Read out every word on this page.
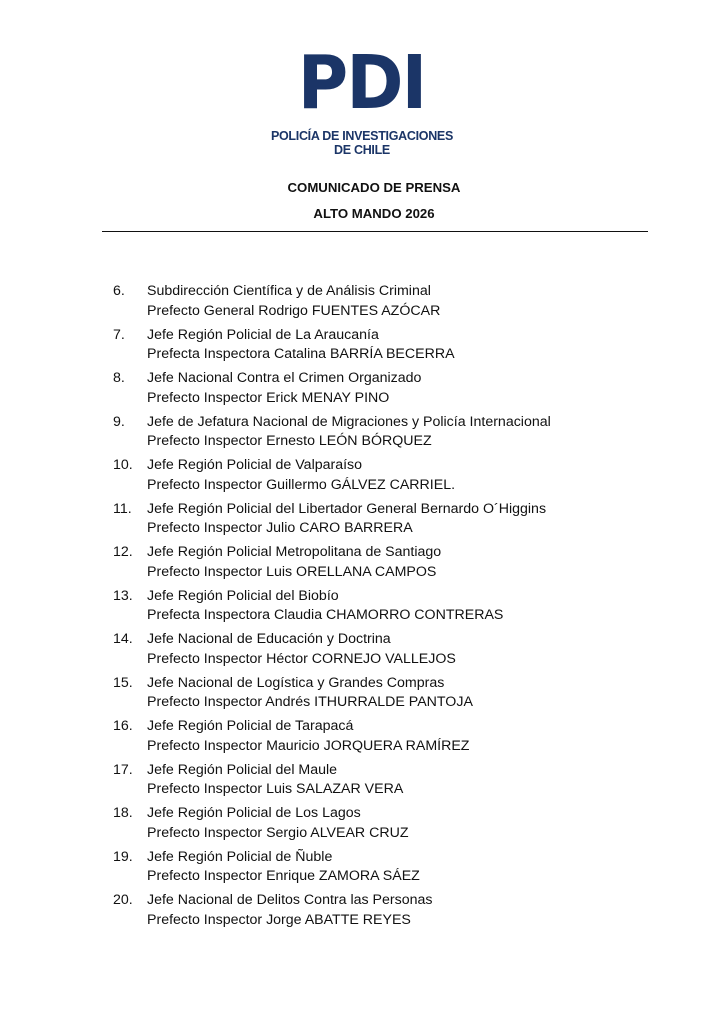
PDI
POLICÍA DE INVESTIGACIONES
DE CHILE
COMUNICADO DE PRENSA
ALTO MANDO 2026
6. Subdirección Científica y de Análisis Criminal
Prefecto General Rodrigo FUENTES AZÓCAR
7. Jefe Región Policial de La Araucanía
Prefecta Inspectora Catalina BARRÍA BECERRA
8. Jefe Nacional Contra el Crimen Organizado
Prefecto Inspector Erick MENAY PINO
9. Jefe de Jefatura Nacional de Migraciones y Policía Internacional
Prefecto Inspector Ernesto LEÓN BÓRQUEZ
10. Jefe Región Policial de Valparaíso
Prefecto Inspector Guillermo GÁLVEZ CARRIEL.
11. Jefe Región Policial del Libertador General Bernardo O´Higgins
Prefecto Inspector Julio CARO BARRERA
12. Jefe Región Policial Metropolitana de Santiago
Prefecto Inspector Luis ORELLANA CAMPOS
13. Jefe Región Policial del Biobío
Prefecta Inspectora Claudia CHAMORRO CONTRERAS
14. Jefe Nacional de Educación y Doctrina
Prefecto Inspector Héctor CORNEJO VALLEJOS
15. Jefe Nacional de Logística y Grandes Compras
Prefecto Inspector Andrés ITHURRALDE PANTOJA
16. Jefe Región Policial de Tarapacá
Prefecto Inspector Mauricio JORQUERA RAMÍREZ
17. Jefe Región Policial del Maule
Prefecto Inspector Luis SALAZAR VERA
18. Jefe Región Policial de Los Lagos
Prefecto Inspector Sergio ALVEAR CRUZ
19. Jefe Región Policial de Ñuble
Prefecto Inspector Enrique ZAMORA SÁEZ
20. Jefe Nacional de Delitos Contra las Personas
Prefecto Inspector Jorge ABATTE REYES
